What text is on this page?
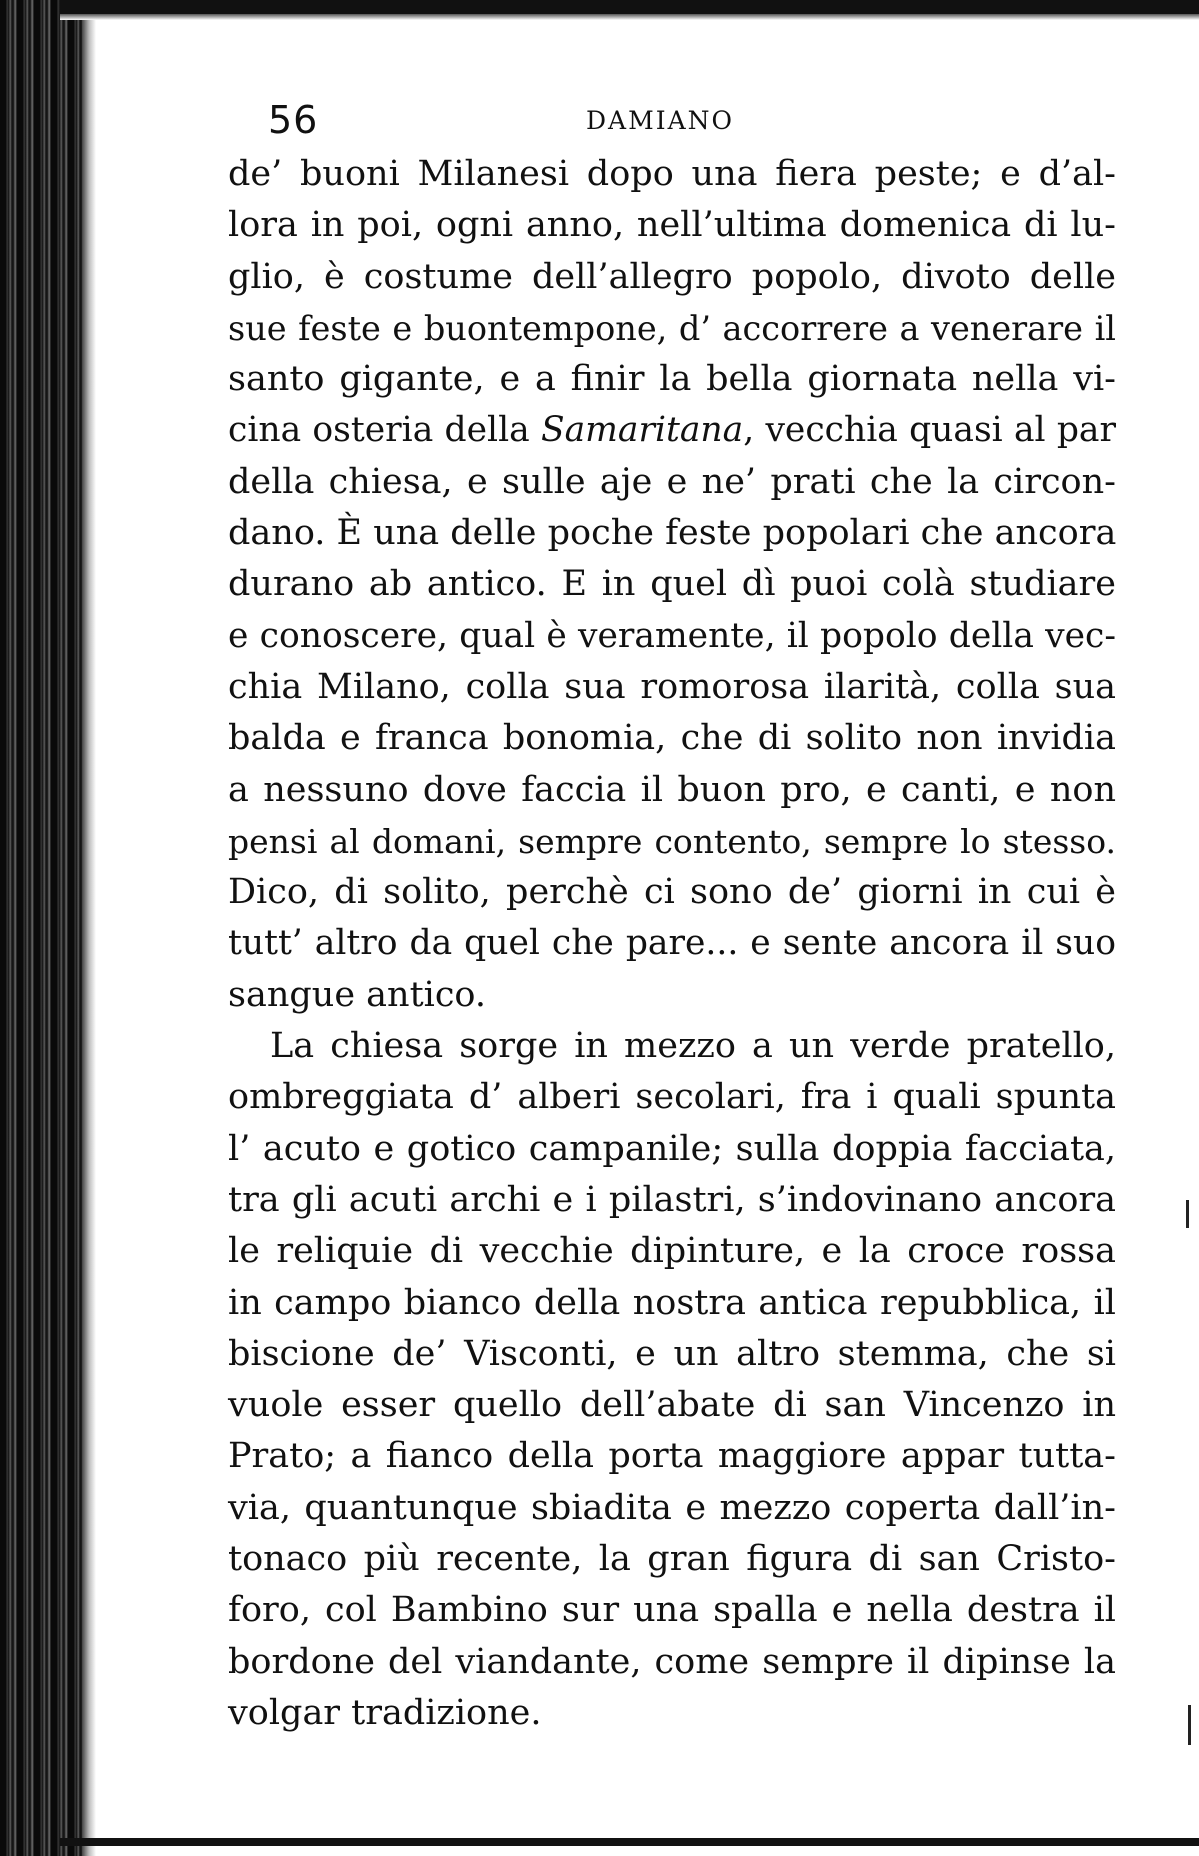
56	DAMIANO
de’ buoni Milanesi dopo una fiera peste; e d’al-
lora in poi, ogni anno, nell’ultima domenica di lu-
glio, è costume dell’allegro popolo, divoto delle
sue feste e buontempone, d’ accorrere a venerare il
santo gigante, e a finir la bella giornata nella vi-
cina osteria della Samaritana, vecchia quasi al par
della chiesa, e sulle aje e ne’ prati che la circon-
dano. È una delle poche feste popolari che ancora
durano ab antico. E in quel dì puoi colà studiare
e conoscere, qual è veramente, il popolo della vec-
chia Milano, colla sua romorosa ilarità, colla sua
balda e franca bonomia, che di solito non invidia
a nessuno dove faccia il buon pro, e canti, e non
pensi al domani, sempre contento, sempre lo stesso.
Dico, di solito, perchè ci sono de’ giorni in cui è
tutt’ altro da quel che pare... e sente ancora il suo
sangue antico.
La chiesa sorge in mezzo a un verde pratello,
ombreggiata d’ alberi secolari, fra i quali spunta
l’ acuto e gotico campanile; sulla doppia facciata,
tra gli acuti archi e i pilastri, s’indovinano ancora
le reliquie di vecchie dipinture, e la croce rossa
in campo bianco della nostra antica repubblica, il
biscione de’ Visconti, e un altro stemma, che si
vuole esser quello dell’abate di san Vincenzo in
Prato; a fianco della porta maggiore appar tutta-
via, quantunque sbiadita e mezzo coperta dall’in-
tonaco più recente, la gran figura di san Cristo-
foro, col Bambino sur una spalla e nella destra il
bordone del viandante, come sempre il dipinse la
volgar tradizione.
